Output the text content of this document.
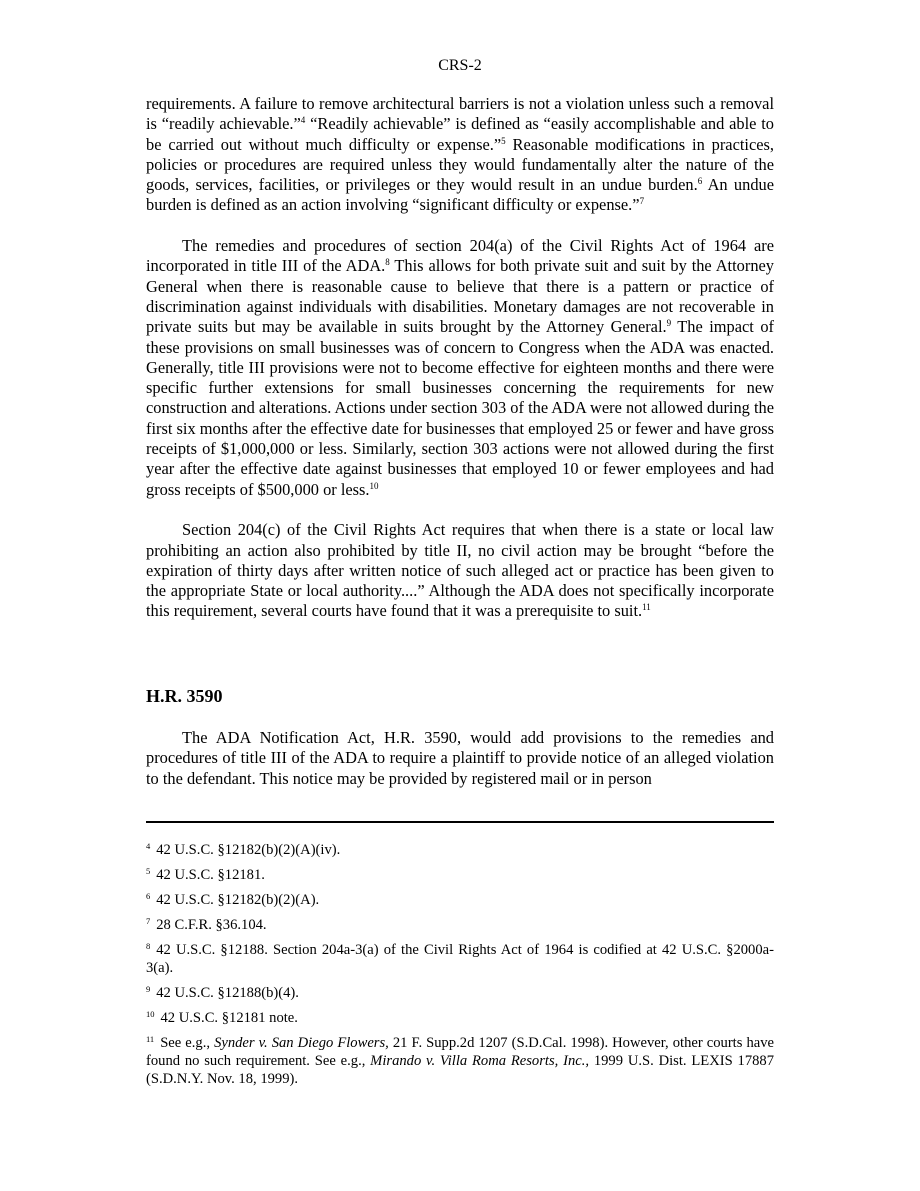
CRS-2

requirements. A failure to remove architectural barriers is not a violation unless such a removal is “readily achievable.”$^4$ “Readily achievable” is defined as “easily accomplishable and able to be carried out without much difficulty or expense.”$^5$ Reasonable modifications in practices, policies or procedures are required unless they would fundamentally alter the nature of the goods, services, facilities, or privileges or they would result in an undue burden.$^6$ An undue burden is defined as an action involving “significant difficulty or expense.”$^7$

The remedies and procedures of section 204(a) of the Civil Rights Act of 1964 are incorporated in title III of the ADA.$^8$ This allows for both private suit and suit by the Attorney General when there is reasonable cause to believe that there is a pattern or practice of discrimination against individuals with disabilities. Monetary damages are not recoverable in private suits but may be available in suits brought by the Attorney General.$^9$ The impact of these provisions on small businesses was of concern to Congress when the ADA was enacted. Generally, title III provisions were not to become effective for eighteen months and there were specific further extensions for small businesses concerning the requirements for new construction and alterations. Actions under section 303 of the ADA were not allowed during the first six months after the effective date for businesses that employed 25 or fewer and have gross receipts of $1,000,000 or less. Similarly, section 303 actions were not allowed during the first year after the effective date against businesses that employed 10 or fewer employees and had gross receipts of $500,000 or less.$^{10}$

Section 204(c) of the Civil Rights Act requires that when there is a state or local law prohibiting an action also prohibited by title II, no civil action may be brought “before the expiration of thirty days after written notice of such alleged act or practice has been given to the appropriate State or local authority....” Although the ADA does not specifically incorporate this requirement, several courts have found that it was a prerequisite to suit.$^{11}$

H.R. 3590

The ADA Notification Act, H.R. 3590, would add provisions to the remedies and procedures of title III of the ADA to require a plaintiff to provide notice of an alleged violation to the defendant. This notice may be provided by registered mail or in person

$^4$ 42 U.S.C. §12182(b)(2)(A)(iv).
$^5$ 42 U.S.C. §12181.
$^6$ 42 U.S.C. §12182(b)(2)(A).
$^7$ 28 C.F.R. §36.104.
$^8$ 42 U.S.C. §12188. Section 204a-3(a) of the Civil Rights Act of 1964 is codified at 42 U.S.C. §2000a-3(a).
$^9$ 42 U.S.C. §12188(b)(4).
$^{10}$ 42 U.S.C. §12181 note.
$^{11}$ See e.g., Synder v. San Diego Flowers, 21 F. Supp.2d 1207 (S.D.Cal. 1998). However, other courts have found no such requirement. See e.g., Mirando v. Villa Roma Resorts, Inc., 1999 U.S. Dist. LEXIS 17887 (S.D.N.Y. Nov. 18, 1999).
